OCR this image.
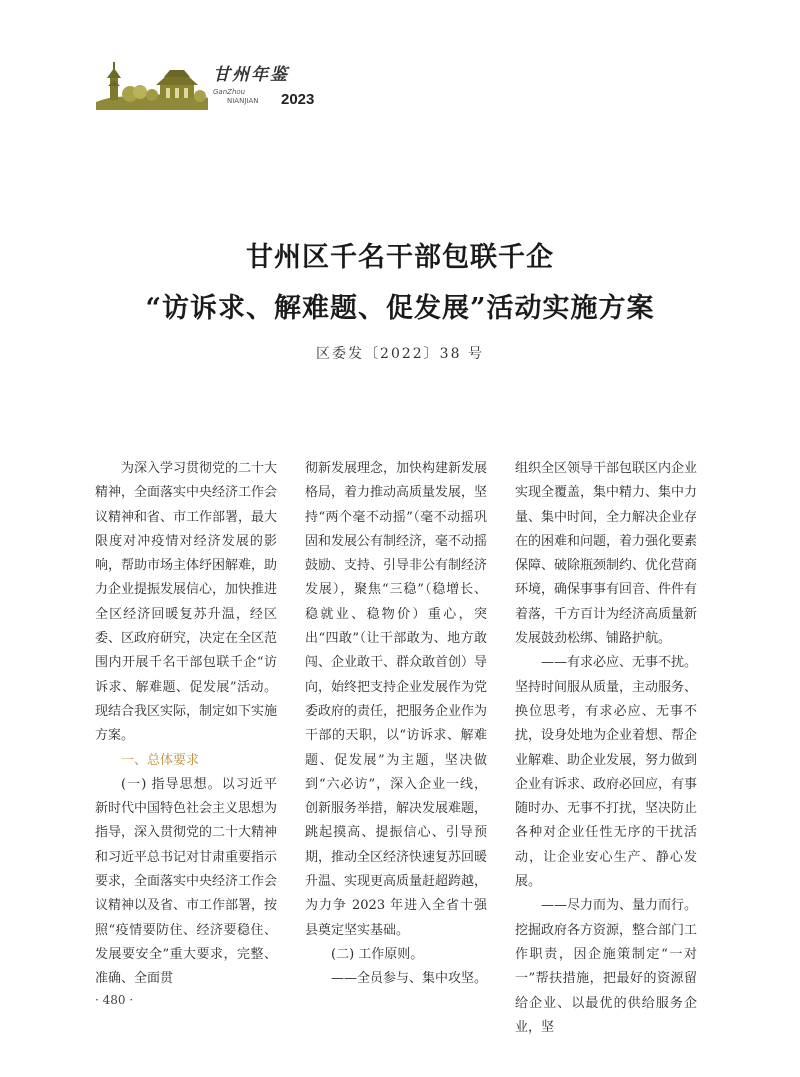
甘州年鉴
GanZhou
NIANJIAN 2023
甘州区千名干部包联千企
“访诉求、解难题、促发展”活动实施方案
区委发〔2022〕38 号

为深入学习贯彻党的二十大精神，全面落实中央经济工作会议精神和省、市工作部署，最大限度对冲疫情对经济发展的影响，帮助市场主体纾困解难，助力企业提振发展信心，加快推进全区经济回暖复苏升温，经区委、区政府研究，决定在全区范围内开展千名干部包联千企“访诉求、解难题、促发展”活动。现结合我区实际，制定如下实施方案。

一、总体要求

(一) 指导思想。以习近平新时代中国特色社会主义思想为指导，深入贯彻党的二十大精神和习近平总书记对甘肃重要指示要求，全面落实中央经济工作会议精神以及省、市工作部署，按照“疫情要防住、经济要稳住、发展要安全”重大要求，完整、准确、全面贯

彻新发展理念，加快构建新发展格局，着力推动高质量发展，坚持“两个毫不动摇”（毫不动摇巩固和发展公有制经济，毫不动摇鼓励、支持、引导非公有制经济发展），聚焦“三稳”（稳增长、稳就业、稳物价）重心，突出“四敢”（让干部敢为、地方敢闯、企业敢干、群众敢首创）导向，始终把支持企业发展作为党委政府的责任，把服务企业作为干部的天职，以“访诉求、解难题、促发展”为主题，坚决做到“六必访”，深入企业一线，创新服务举措，解决发展难题，跳起摸高、提振信心、引导预期，推动全区经济快速复苏回暖升温、实现更高质量赶超跨越，为力争 2023 年进入全省十强县奠定坚实基础。

(二) 工作原则。

——全员参与、集中攻坚。

组织全区领导干部包联区内企业实现全覆盖，集中精力、集中力量、集中时间，全力解决企业存在的困难和问题，着力强化要素保障、破除瓶颈制约、优化营商环境，确保事事有回音、件件有着落，千方百计为经济高质量新发展鼓劲松绑、铺路护航。

——有求必应、无事不扰。

坚持时间服从质量，主动服务、换位思考，有求必应、无事不扰，设身处地为企业着想、帮企业解难、助企业发展，努力做到企业有诉求、政府必回应，有事随时办、无事不打扰，坚决防止各种对企业任性无序的干扰活动，让企业安心生产、静心发展。

——尽力而为、量力而行。

挖掘政府各方资源，整合部门工作职责，因企施策制定“一对一”帮扶措施，把最好的资源留给企业、以最优的供给服务企业，坚

· 480 ·
